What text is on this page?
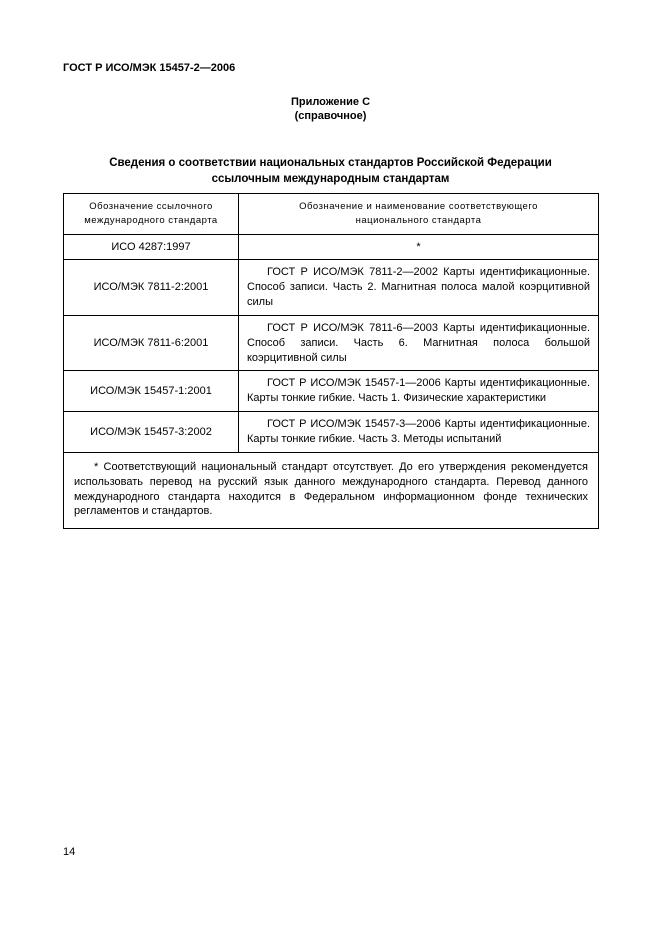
ГОСТ Р ИСО/МЭК 15457-2—2006
Приложение С
(справочное)
Сведения о соответствии национальных стандартов Российской Федерации ссылочным международным стандартам
Обозначение ссылочного международного стандарта	Обозначение и наименование соответствующего национального стандарта

ИСО 4287:1997	*
ИСО/МЭК 7811-2:2001	ГОСТ Р ИСО/МЭК 7811-2—2002 Карты идентификационные. Способ записи. Часть 2. Магнитная полоса малой коэрцитивной силы
ИСО/МЭК 7811-6:2001	ГОСТ Р ИСО/МЭК 7811-6—2003 Карты идентификационные. Способ записи. Часть 6. Магнитная полоса большой коэрцитивной силы
ИСО/МЭК 15457-1:2001	ГОСТ Р ИСО/МЭК 15457-1—2006 Карты идентификационные. Карты тонкие гибкие. Часть 1. Физические характеристики
ИСО/МЭК 15457-3:2002	ГОСТ Р ИСО/МЭК 15457-3—2006 Карты идентификационные. Карты тонкие гибкие. Часть 3. Методы испытаний
* Соответствующий национальный стандарт отсутствует. До его утверждения рекомендуется использовать перевод на русский язык данного международного стандарта. Перевод данного международного стандарта находится в Федеральном информационном фонде технических регламентов и стандартов.	
14
